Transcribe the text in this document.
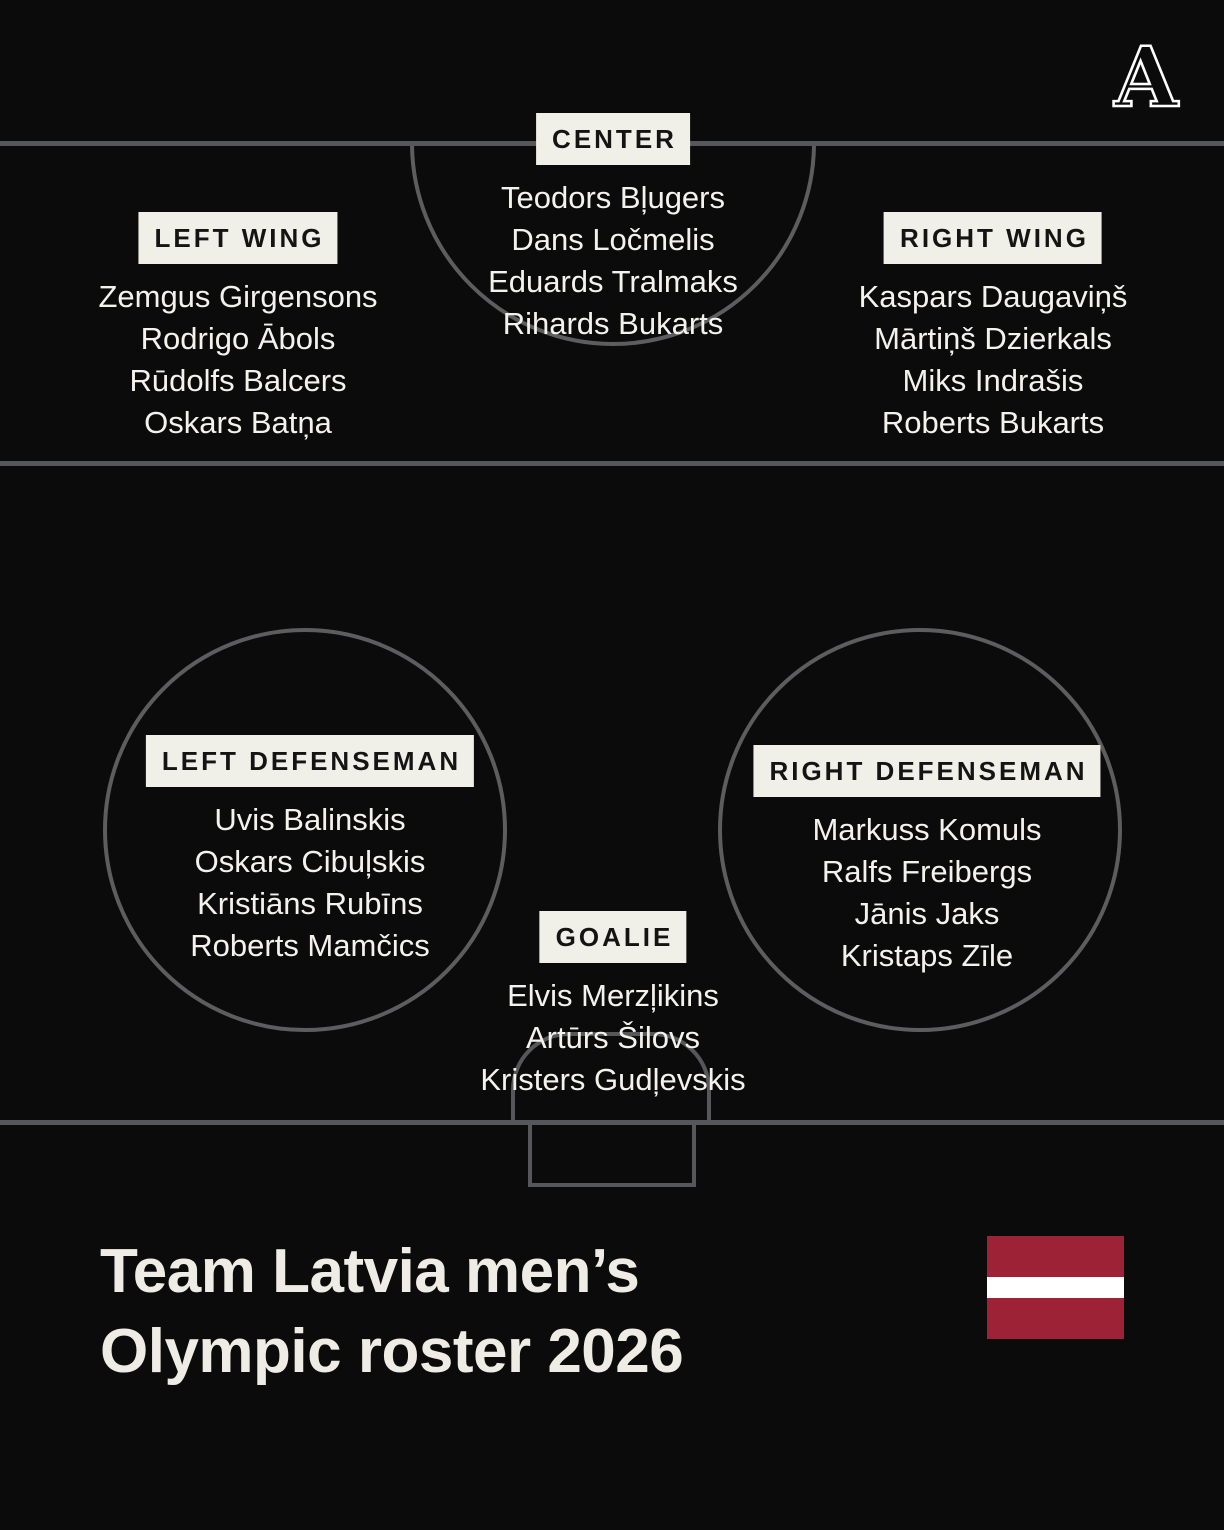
A
CENTER
Teodors Bļugers
Dans Ločmelis
Eduards Tralmaks
Rihards Bukarts
LEFT WING
Zemgus Girgensons
Rodrigo Ābols
Rūdolfs Balcers
Oskars Batņa
RIGHT WING
Kaspars Daugaviņš
Mārtiņš Dzierkals
Miks Indrašis
Roberts Bukarts
LEFT DEFENSEMAN
Uvis Balinskis
Oskars Cibuļskis
Kristiāns Rubīns
Roberts Mamčics
RIGHT DEFENSEMAN
Markuss Komuls
Ralfs Freibergs
Jānis Jaks
Kristaps Zīle
GOALIE
Elvis Merzļikins
Artūrs Šilovs
Kristers Gudļevskis
Team Latvia men’s
Olympic roster 2026
